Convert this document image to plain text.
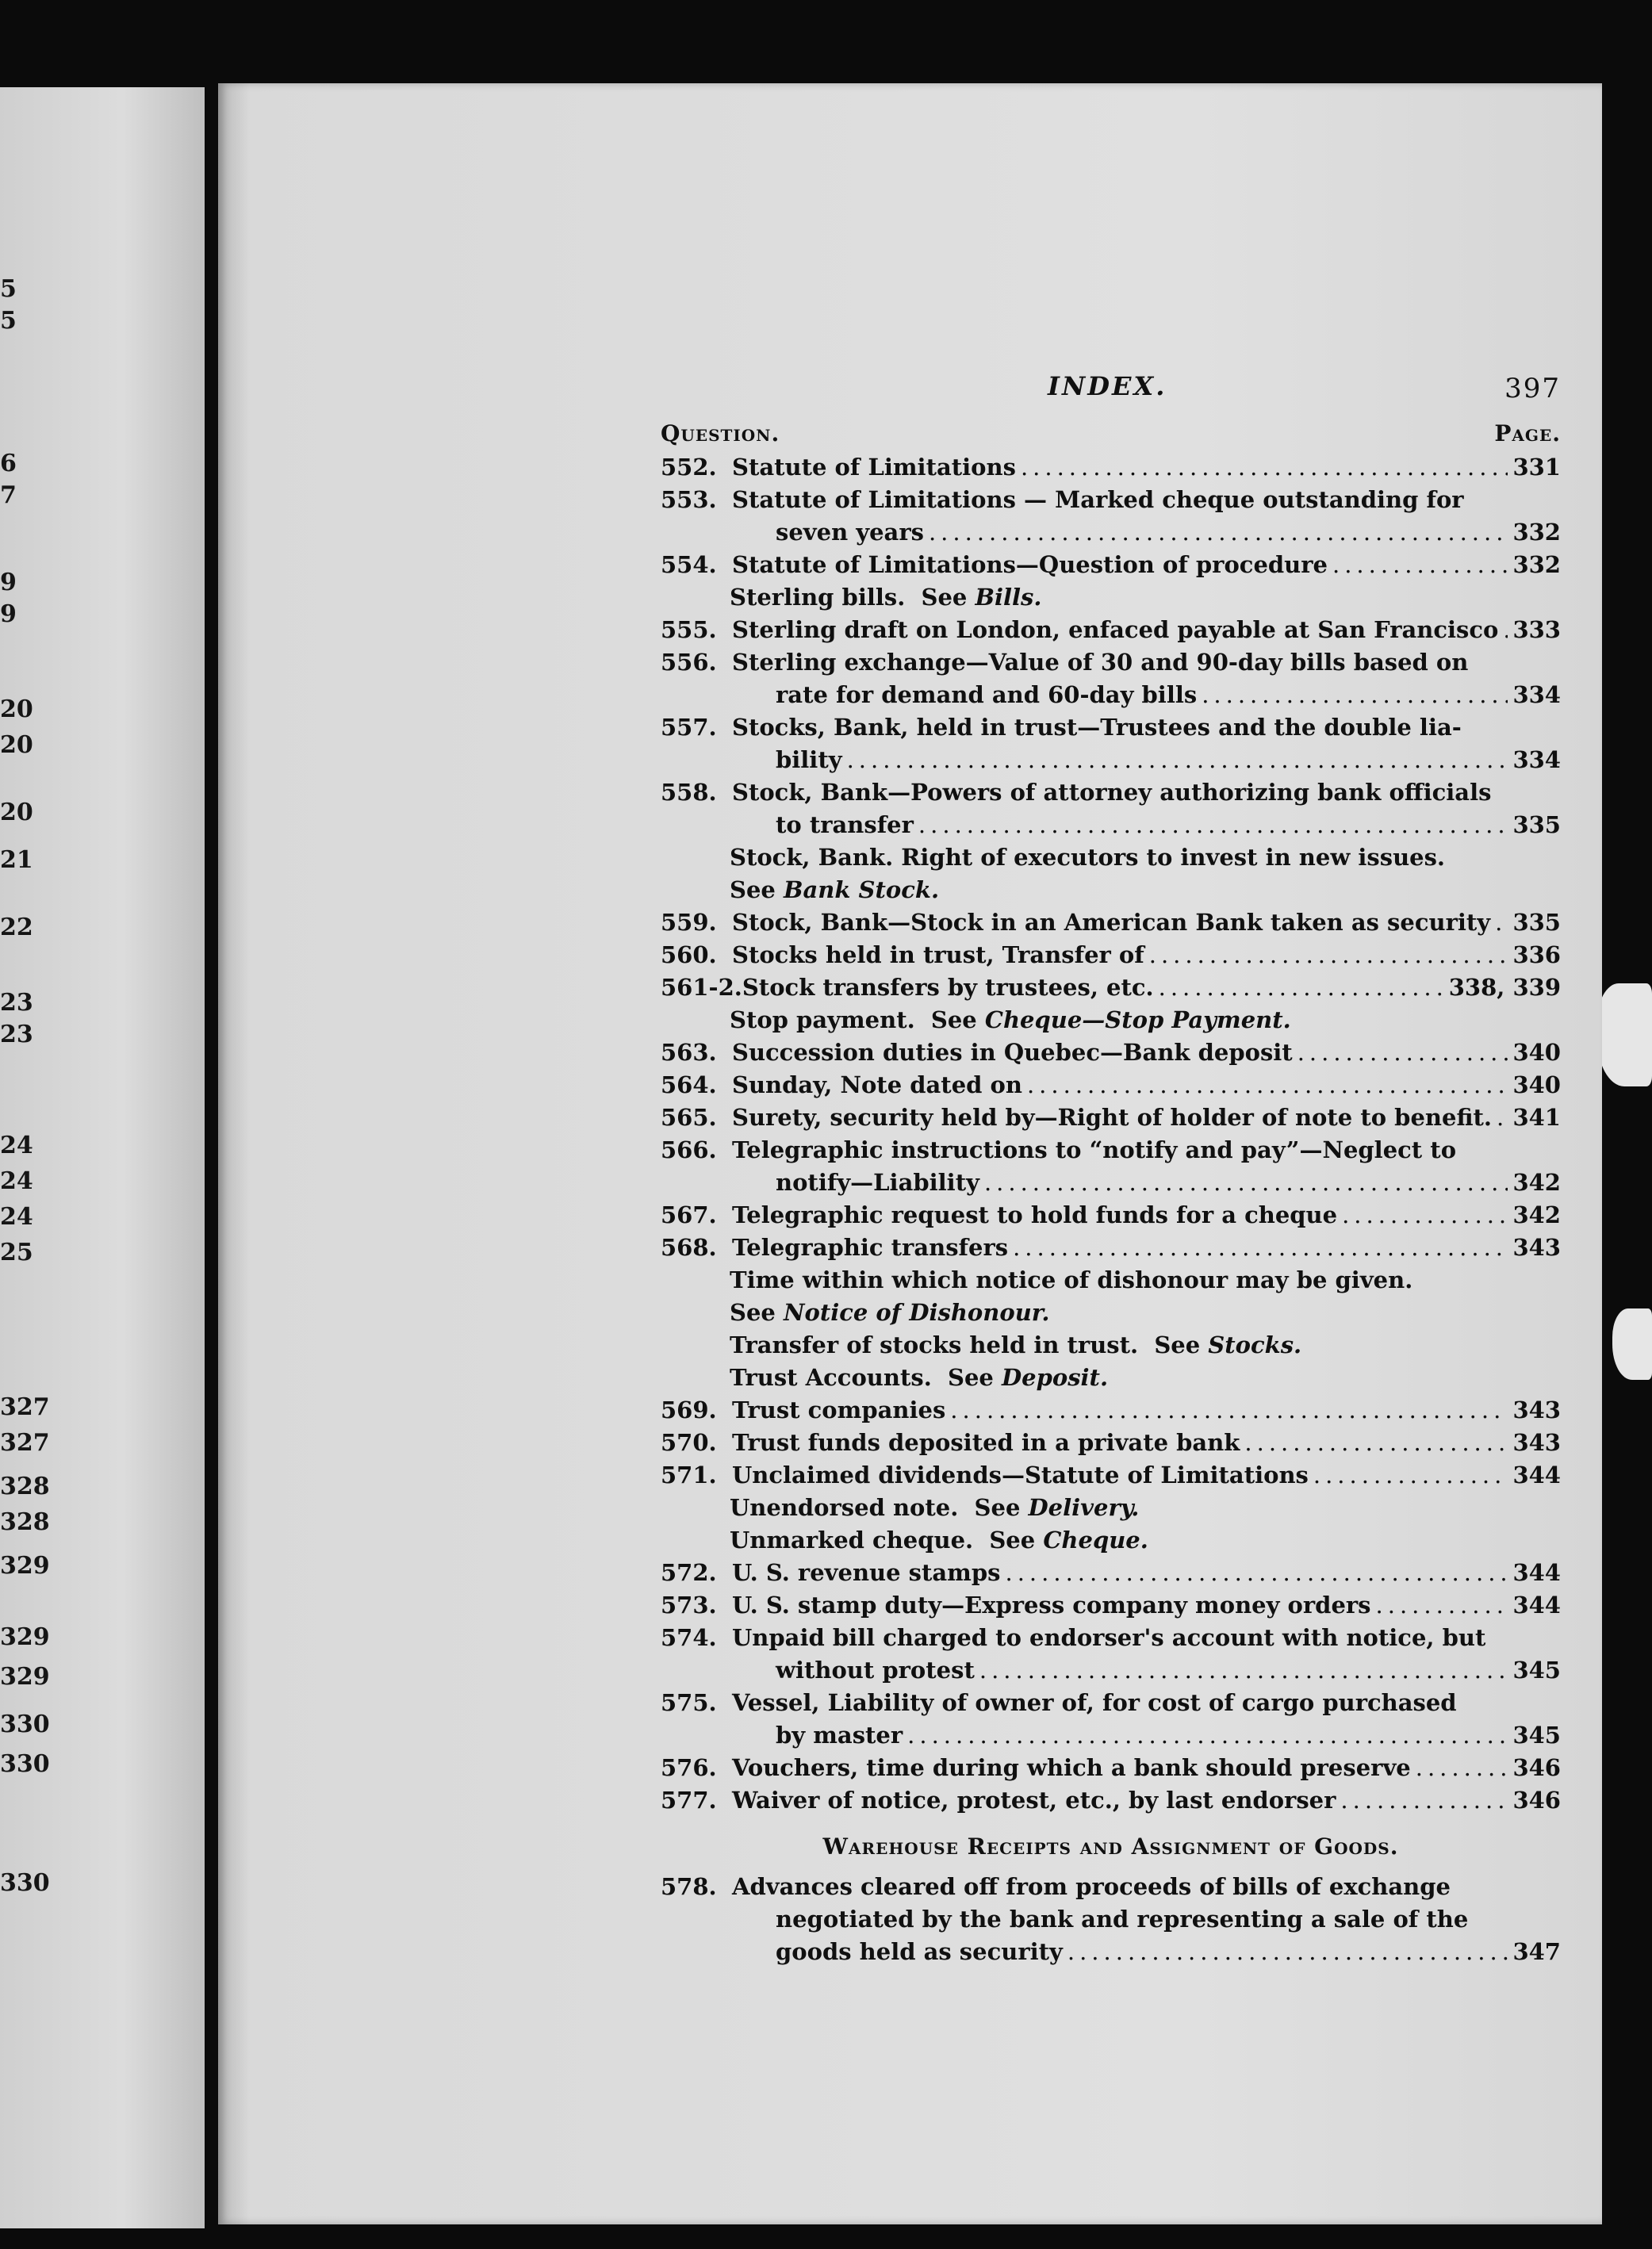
5
5
6
7
9
9
20
20
20
21
22
23
23
24
24
24
25
327
327
328
328
329
329
329
330
330
330
INDEX.	397
Question.	Page.
552. Statute of Limitations .....	331
553. Statute of Limitations — Marked cheque outstanding for
seven years .....	332
554. Statute of Limitations—Question of procedure .....	332
Sterling bills.
See
Bills.
555. Sterling draft on London, enfaced payable at San Francisco ..... 333
556. Sterling exchange—Value of 30 and 90-day bills based on
rate for demand and 60-day bills .....	334
557. Stocks, Bank, held in trust—Trustees and the double lia-
bility .....	334
558. Stock, Bank—Powers of attorney authorizing bank officials
to transfer .....	335
Stock, Bank. Right of executors to invest in new issues.
See
Bank Stock.
559. Stock, Bank—Stock in an American Bank taken as security ..... 335
560. Stocks held in trust, Transfer of .....	336
561-2. Stock transfers by trustees, etc. .....	338, 339
Stop payment.
See
Cheque—Stop Payment.
563. Succession duties in Quebec—Bank deposit .....	340
564. Sunday, Note dated on .....	340
565. Surety, security held by—Right of holder of note to benefit. ..... 341
566. Telegraphic instructions to “notify and pay”—Neglect to
notify—Liability .....	342
567. Telegraphic request to hold funds for a cheque .....	342
568. Telegraphic transfers .....	343
Time within which notice of dishonour may be given.
See
Notice of Dishonour.
Transfer of stocks held in trust.
See
Stocks.
Trust Accounts.
See
Deposit.
569. Trust companies .....	343
570. Trust funds deposited in a private bank .....	343
571. Unclaimed dividends—Statute of Limitations .....	344
Unendorsed note.
See
Delivery.
Unmarked cheque.
See
Cheque.
572. U. S. revenue stamps .....	344
573. U. S. stamp duty—Express company money orders .....	344
574. Unpaid bill charged to endorser's account with notice, but
without protest .....	345
575. Vessel, Liability of owner of, for cost of cargo purchased
by master .....	345
576. Vouchers, time during which a bank should preserve .....	346
577. Waiver of notice, protest, etc., by last endorser .....	346
Warehouse Receipts and Assignment of Goods.
578. Advances cleared off from proceeds of bills of exchange
negotiated by the bank and representing a sale of the
goods held as security .....	347
